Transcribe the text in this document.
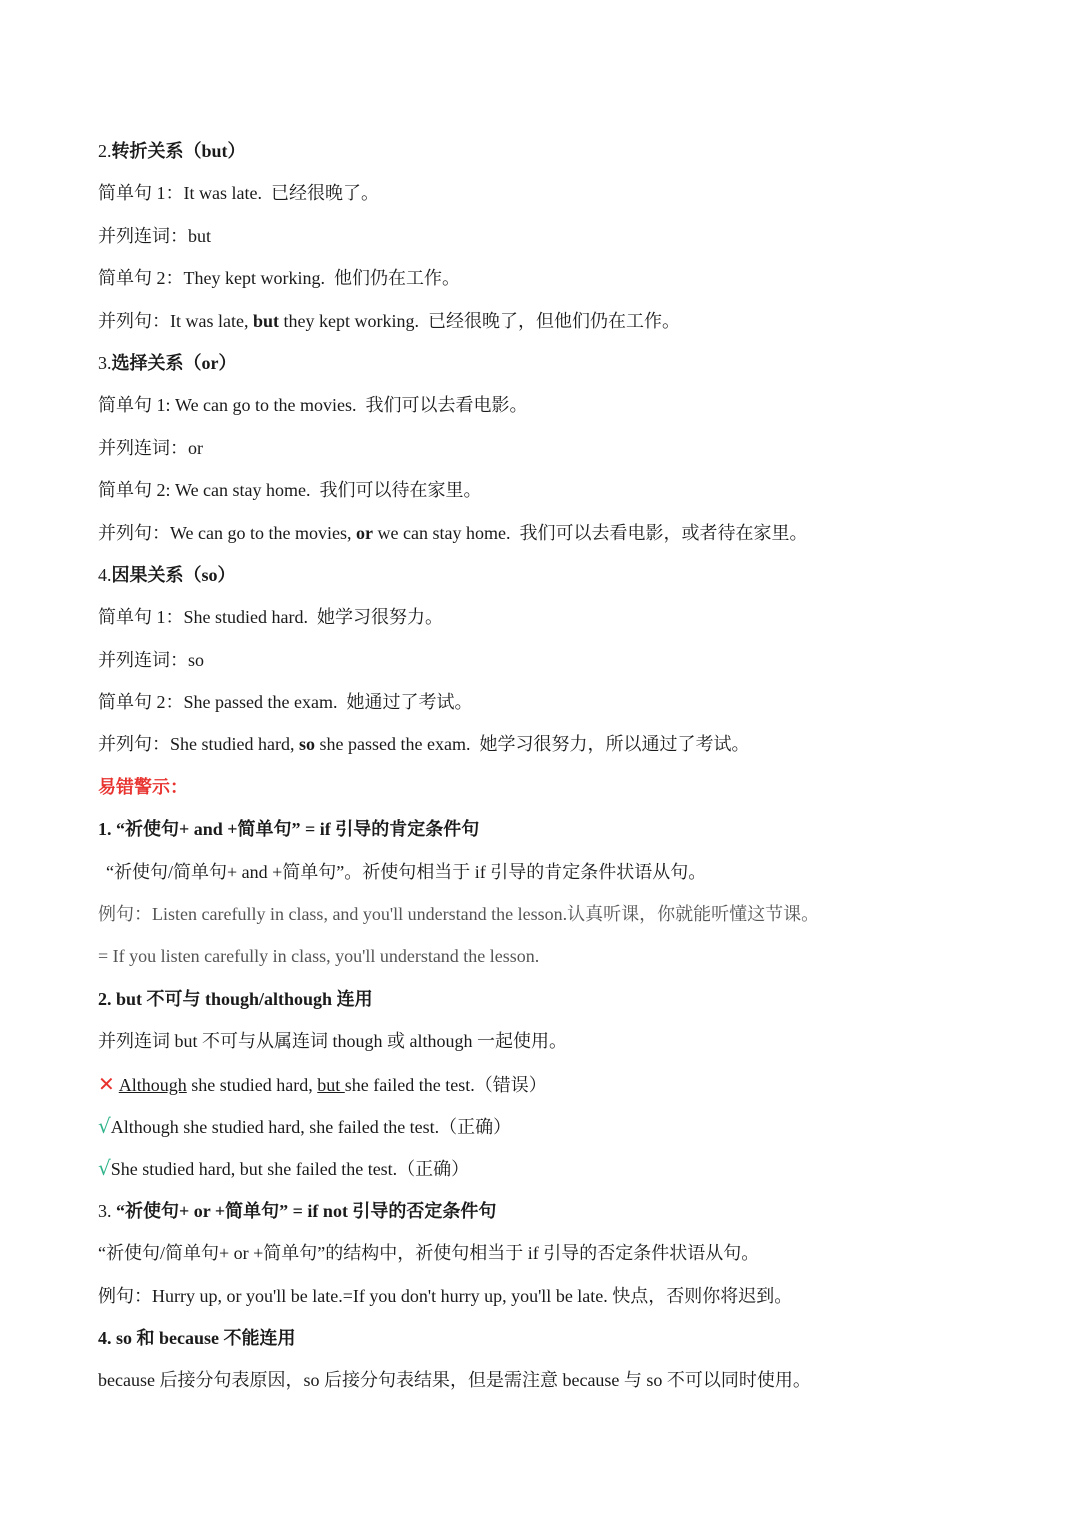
2.转折关系（but）
简单句 1：It was late. 已经很晚了。
并列连词：but
简单句 2：They kept working. 他们仍在工作。
并列句：It was late, but they kept working. 已经很晚了，但他们仍在工作。
3.选择关系（or）
简单句 1: We can go to the movies. 我们可以去看电影。
并列连词：or
简单句 2: We can stay home. 我们可以待在家里。
并列句：We can go to the movies, or we can stay home. 我们可以去看电影，或者待在家里。
4.因果关系（so）
简单句 1：She studied hard. 她学习很努力。
并列连词：so
简单句 2：She passed the exam. 她通过了考试。
并列句：She studied hard, so she passed the exam. 她学习很努力，所以通过了考试。
易错警示：
1. “祈使句+ and +简单句” = if 引导的肯定条件句
“祈使句/简单句+ and +简单句”。祈使句相当于 if 引导的肯定条件状语从句。
例句：Listen carefully in class, and you'll understand the lesson.认真听课，你就能听懂这节课。
= If you listen carefully in class, you'll understand the lesson.
2. but 不可与 though/although 连用
并列连词 but 不可与从属连词 though 或 although 一起使用。
✕ Although she studied hard, but she failed the test.（错误）
√Although she studied hard, she failed the test.（正确）
√She studied hard, but she failed the test.（正确）
3. “祈使句+ or +简单句” = if not 引导的否定条件句
“祈使句/简单句+ or +简单句”的结构中，祈使句相当于 if 引导的否定条件状语从句。
例句：Hurry up, or you'll be late.=If you don't hurry up, you'll be late. 快点，否则你将迟到。
4. so 和 because 不能连用
because 后接分句表原因，so 后接分句表结果，但是需注意 because 与 so 不可以同时使用。
